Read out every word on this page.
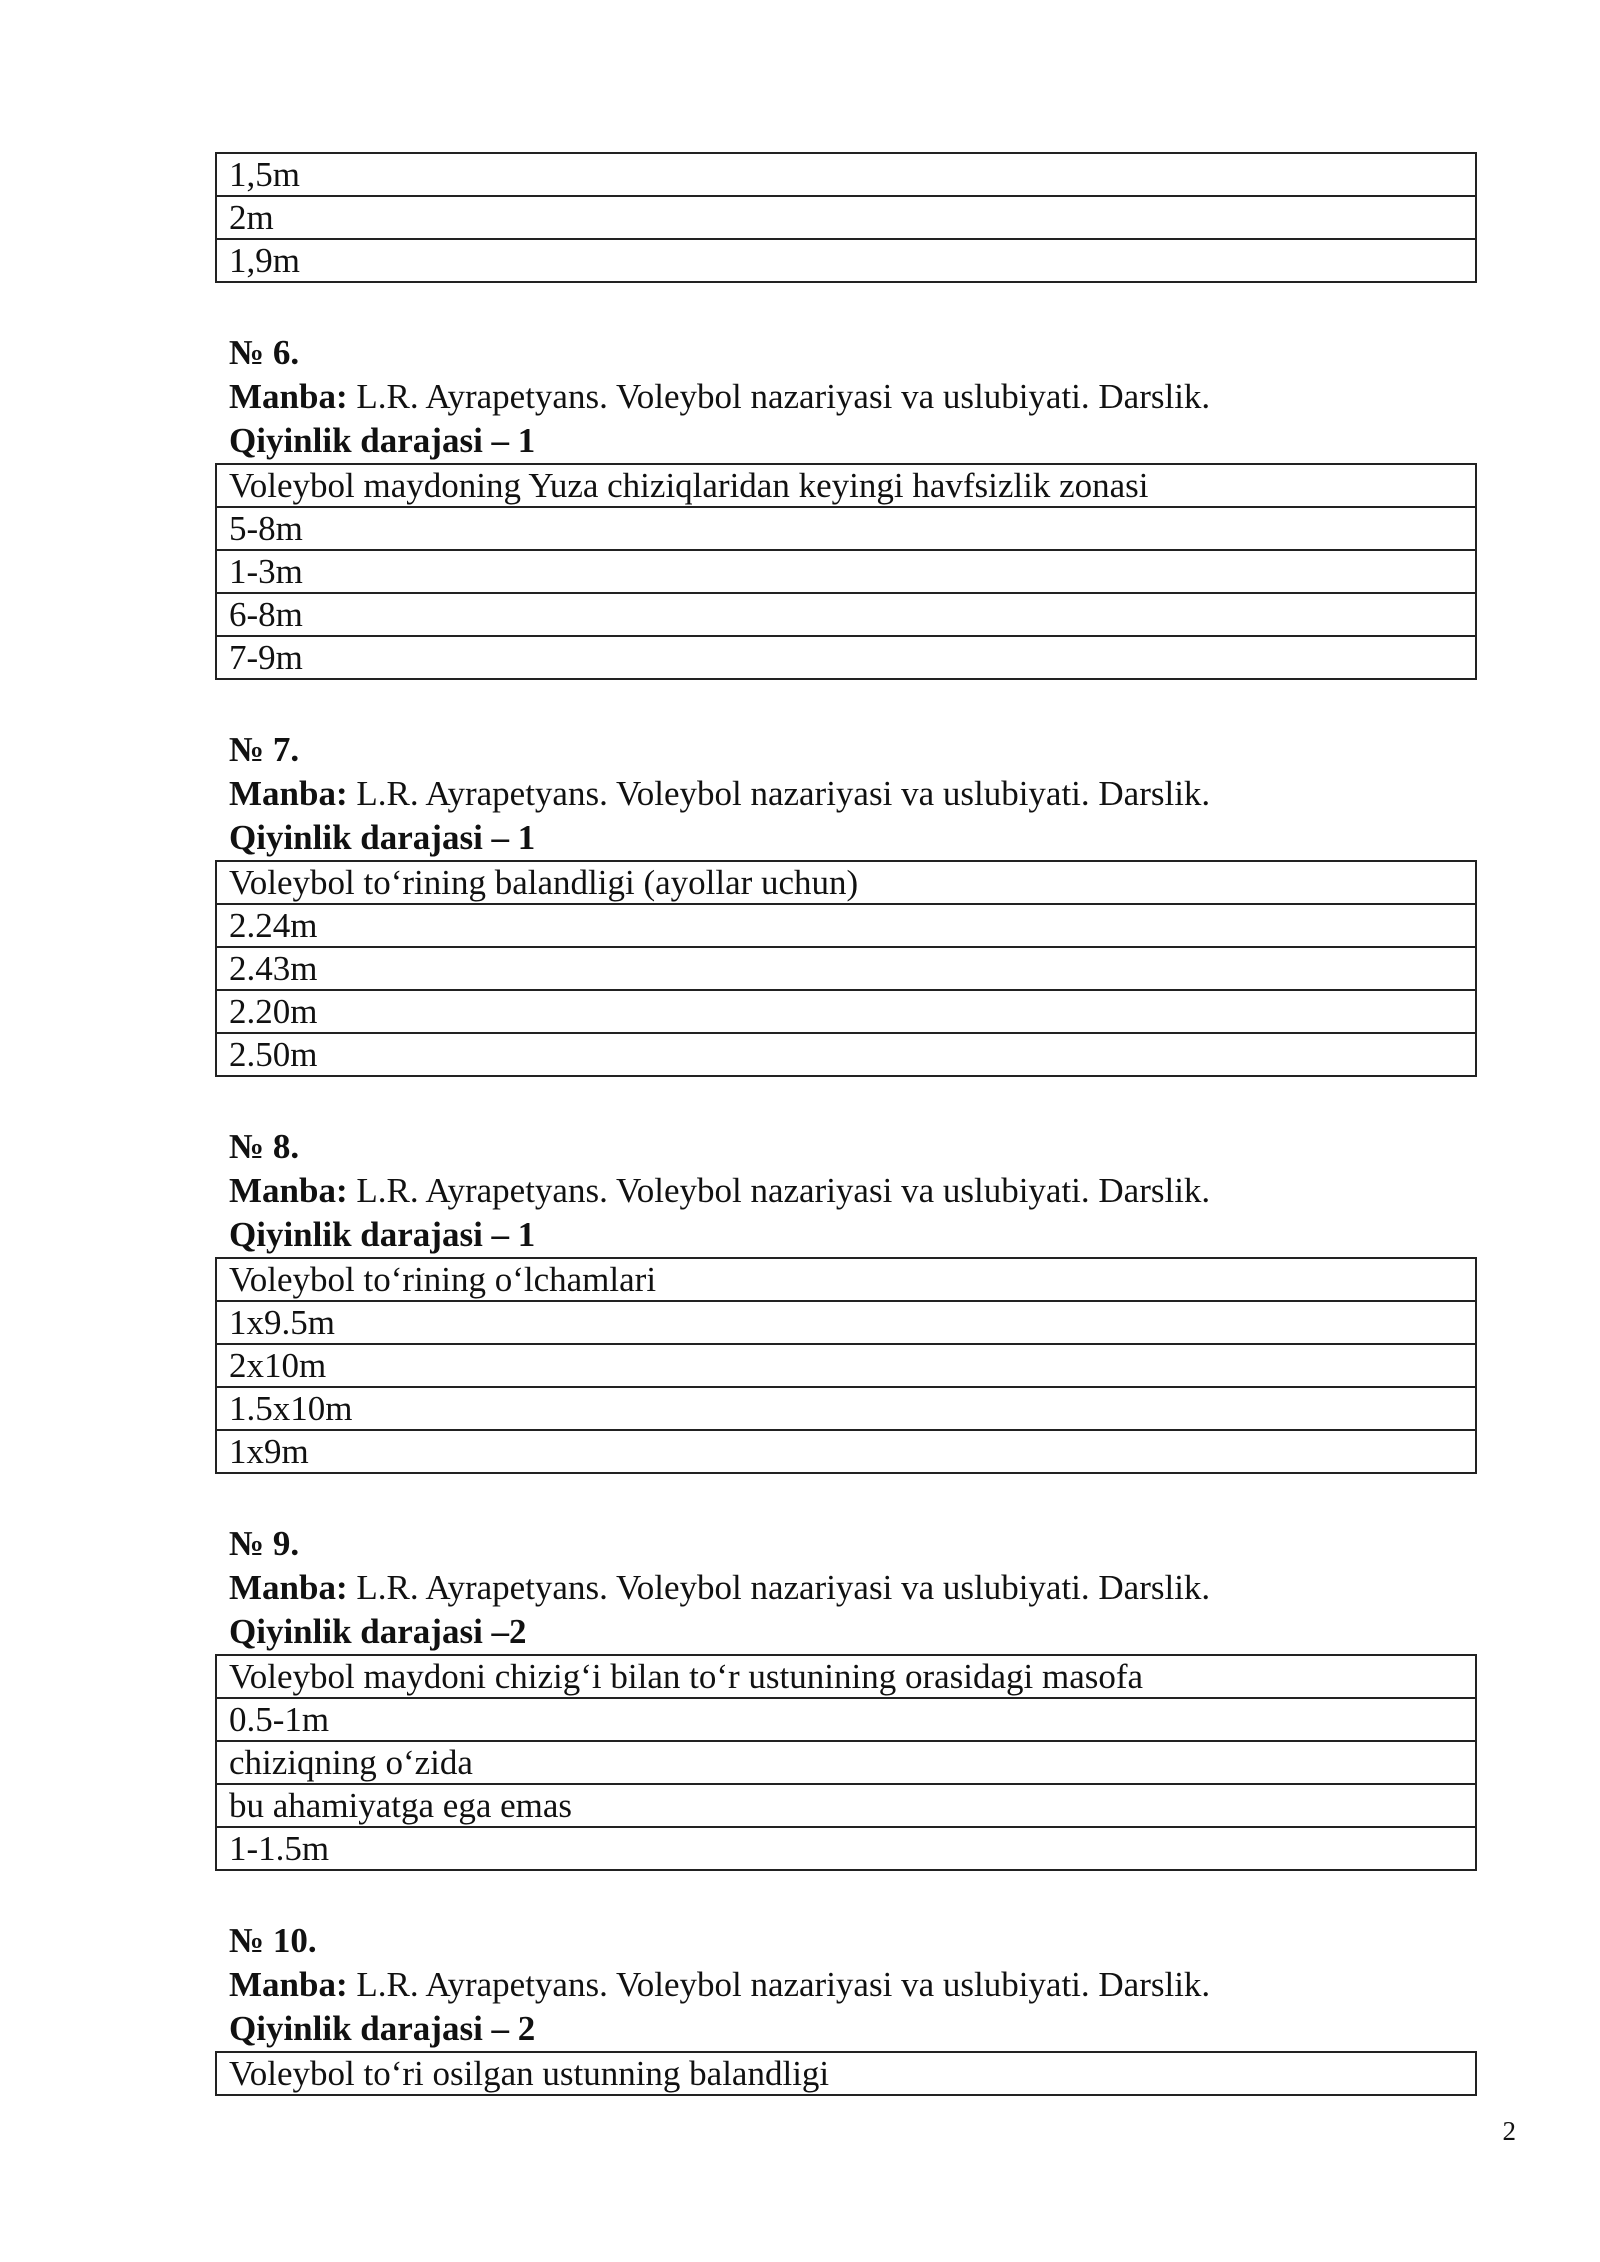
1,5m
2m
1,9m
№ 6.
Manba: L.R. Ayrapetyans. Voleybol nazariyasi va uslubiyati. Darslik.
Qiyinlik darajasi – 1
Voleybol maydoning Yuza chiziqlaridan keyingi havfsizlik zonasi
5-8m
1-3m
6-8m
7-9m
№ 7.
Manba: L.R. Ayrapetyans. Voleybol nazariyasi va uslubiyati. Darslik.
Qiyinlik darajasi – 1
Voleybol to‘rining balandligi (ayollar uchun)
2.24m
2.43m
2.20m
2.50m
№ 8.
Manba: L.R. Ayrapetyans. Voleybol nazariyasi va uslubiyati. Darslik.
Qiyinlik darajasi – 1
Voleybol to‘rining o‘lchamlari
1x9.5m
2x10m
1.5x10m
1x9m
№ 9.
Manba: L.R. Ayrapetyans. Voleybol nazariyasi va uslubiyati. Darslik.
Qiyinlik darajasi –2
Voleybol maydoni chizig‘i bilan to‘r ustunining orasidagi masofa
0.5-1m
chiziqning o‘zida
bu ahamiyatga ega emas
1-1.5m
№ 10.
Manba: L.R. Ayrapetyans. Voleybol nazariyasi va uslubiyati. Darslik.
Qiyinlik darajasi – 2
Voleybol to‘ri osilgan ustunning balandligi
2
